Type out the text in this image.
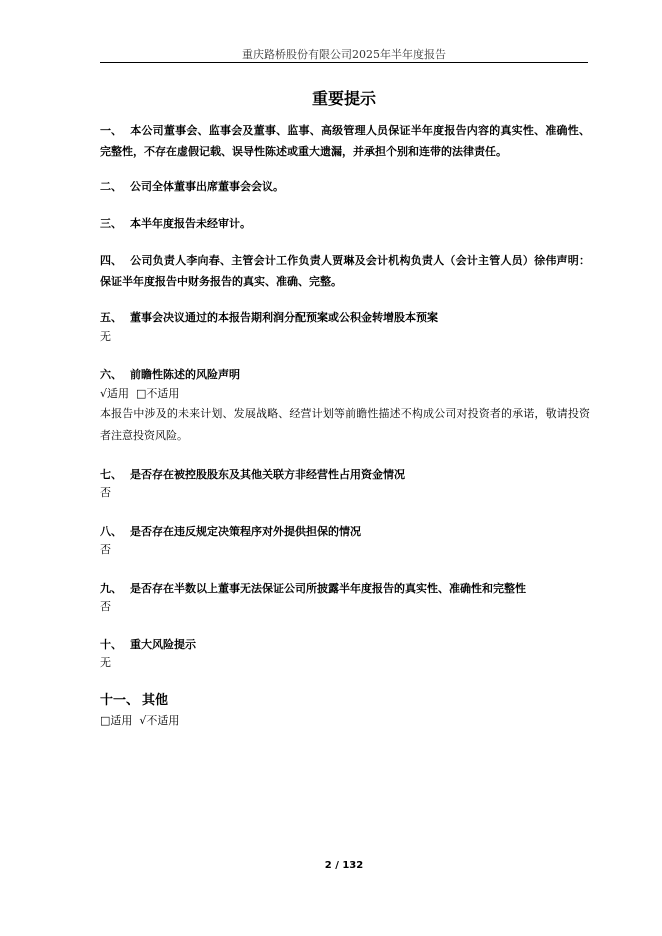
重庆路桥股份有限公司2025年半年度报告
重要提示
一、 本公司董事会、监事会及董事、监事、高级管理人员保证半年度报告内容的真实性、准确性、完整性，不存在虚假记载、误导性陈述或重大遗漏，并承担个别和连带的法律责任。
二、 公司全体董事出席董事会会议。
三、 本半年度报告未经审计。
四、 公司负责人李向春、主管会计工作负责人贾琳及会计机构负责人（会计主管人员）徐伟声明：保证半年度报告中财务报告的真实、准确、完整。
五、 董事会决议通过的本报告期利润分配预案或公积金转增股本预案
无
六、 前瞻性陈述的风险声明
√适用  □不适用
本报告中涉及的未来计划、发展战略、经营计划等前瞻性描述不构成公司对投资者的承诺，敬请投资者注意投资风险。
七、 是否存在被控股股东及其他关联方非经营性占用资金情况
否
八、 是否存在违反规定决策程序对外提供担保的情况
否
九、 是否存在半数以上董事无法保证公司所披露半年度报告的真实性、准确性和完整性
否
十、 重大风险提示
无
十一、 其他
□适用  √不适用
2 / 132
